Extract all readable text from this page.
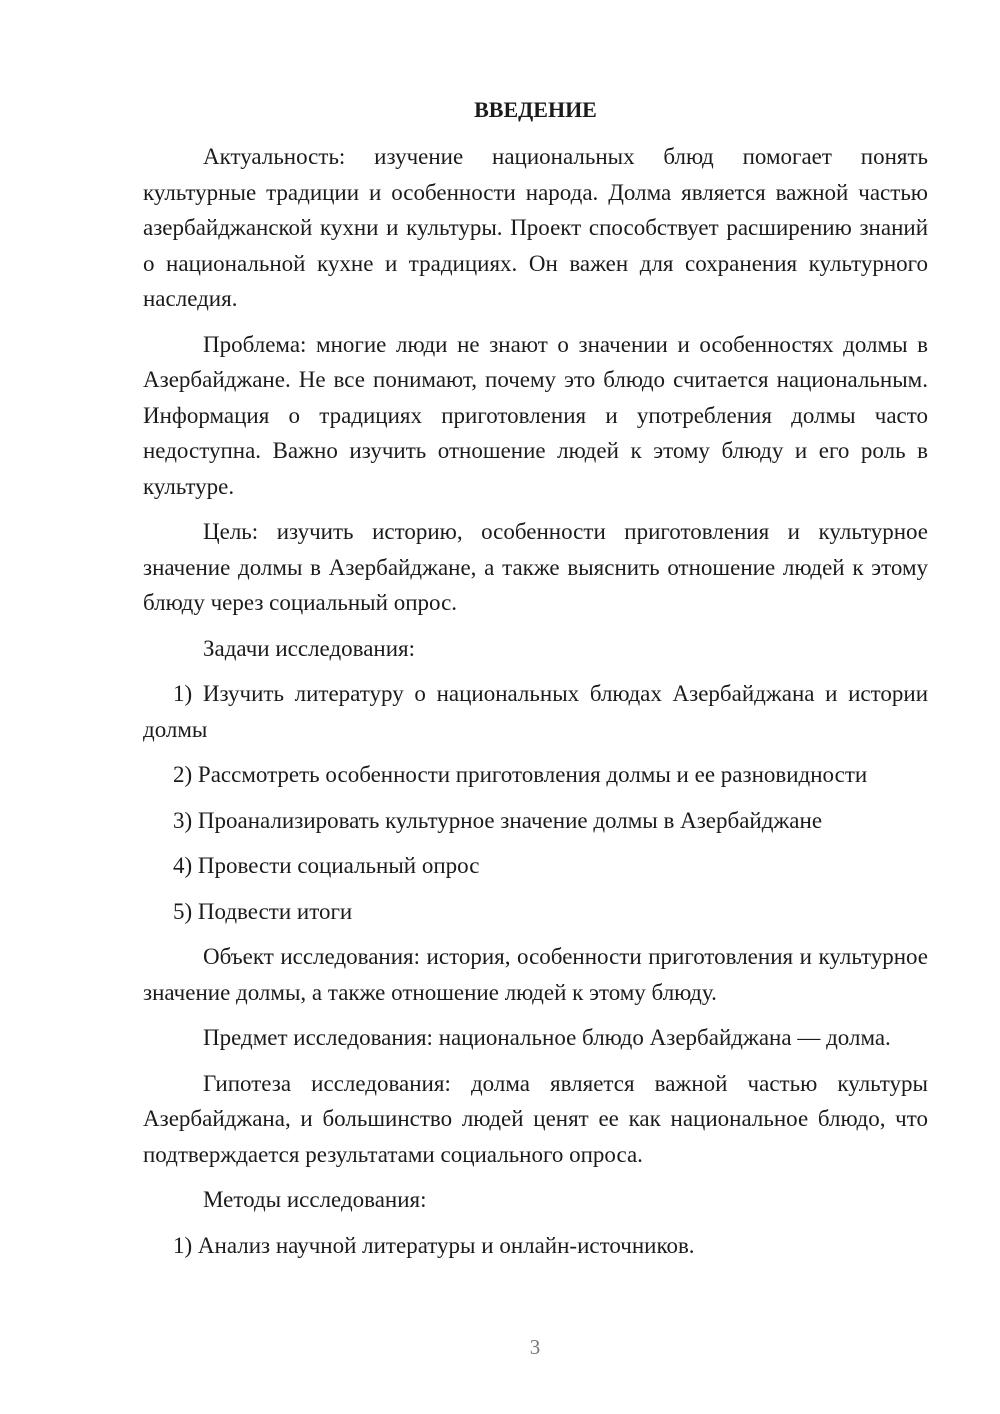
ВВЕДЕНИЕ

Актуальность: изучение национальных блюд помогает понять культурные традиции и особенности народа. Долма является важной частью азербайджанской кухни и культуры. Проект способствует расширению знаний о национальной кухне и традициях. Он важен для сохранения культурного наследия.

Проблема: многие люди не знают о значении и особенностях долмы в Азербайджане. Не все понимают, почему это блюдо считается национальным. Информация о традициях приготовления и употребления долмы часто недоступна. Важно изучить отношение людей к этому блюду и его роль в культуре.

Цель: изучить историю, особенности приготовления и культурное значение долмы в Азербайджане, а также выяснить отношение людей к этому блюду через социальный опрос.

Задачи исследования:

1) Изучить литературу о национальных блюдах Азербайджана и истории долмы

2) Рассмотреть особенности приготовления долмы и ее разновидности

3) Проанализировать культурное значение долмы в Азербайджане

4) Провести социальный опрос

5) Подвести итоги

Объект исследования: история, особенности приготовления и культурное значение долмы, а также отношение людей к этому блюду.

Предмет исследования: национальное блюдо Азербайджана — долма.

Гипотеза исследования: долма является важной частью культуры Азербайджана, и большинство людей ценят ее как национальное блюдо, что подтверждается результатами социального опроса.

Методы исследования:

1) Анализ научной литературы и онлайн-источников.

3
